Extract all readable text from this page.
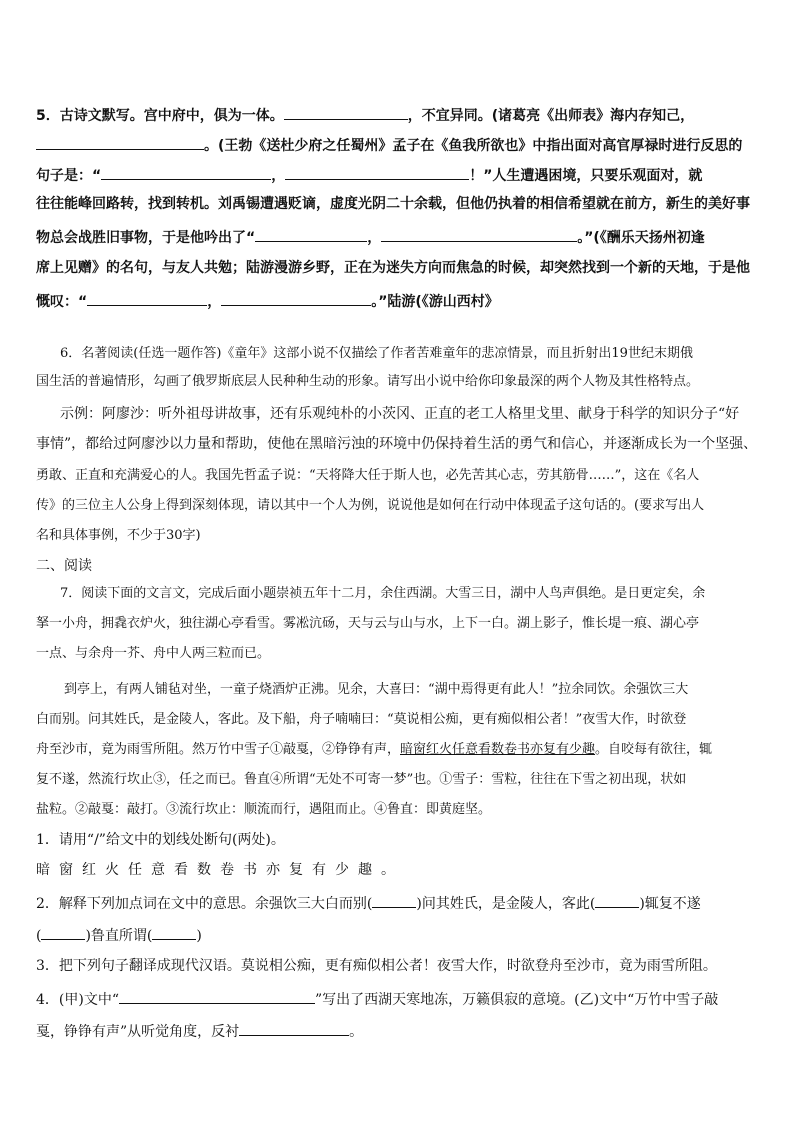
5．古诗文默写。宫中府中，俱为一体。	，不宜异同。(诸葛亮《出师表》海内存知己，
。(王勃《送杜少府之任蜀州》孟子在《鱼我所欲也》中指出面对高官厚禄时进行反思的
句子是：“	，	！”人生遭遇困境，只要乐观面对，就
往往能峰回路转，找到转机。刘禹锡遭遇贬谪，虚度光阴二十余载，但他仍执着的相信希望就在前方，新生的美好事
物总会战胜旧事物，于是他吟出了“	，	。”(《酬乐天扬州初逢
席上见赠》的名句，与友人共勉；陆游漫游乡野，正在为迷失方向而焦急的时候，却突然找到一个新的天地，于是他
慨叹：“	，	。”陆游(《游山西村》
6．名著阅读(任选一题作答)《童年》这部小说不仅描绘了作者苦难童年的悲凉情景，而且折射出19世纪末期俄
国生活的普遍情形，勾画了俄罗斯底层人民种种生动的形象。请写出小说中给你印象最深的两个人物及其性格特点。
示例：阿廖沙：听外祖母讲故事，还有乐观纯朴的小茨冈、正直的老工人格里戈里、献身于科学的知识分子“好
事情”，都给过阿廖沙以力量和帮助，使他在黑暗污浊的环境中仍保持着生活的勇气和信心，并逐渐成长为一个坚强、
勇敢、正直和充满爱心的人。我国先哲孟子说：“天将降大任于斯人也，必先苦其心志，劳其筋骨……”，这在《名人
传》的三位主人公身上得到深刻体现，请以其中一个人为例，说说他是如何在行动中体现孟子这句话的。(要求写出人
名和具体事例，不少于30字)
二、阅读
7．阅读下面的文言文，完成后面小题崇祯五年十二月，余住西湖。大雪三日，湖中人鸟声俱绝。是日更定矣，余
拏一小舟，拥毳衣炉火，独往湖心亭看雪。雾凇沆砀，天与云与山与水，上下一白。湖上影子，惟长堤一痕、湖心亭
一点、与余舟一芥、舟中人两三粒而已。
到亭上，有两人铺毡对坐，一童子烧酒炉正沸。见余，大喜曰：“湖中焉得更有此人！”拉余同饮。余强饮三大
白而别。问其姓氏，是金陵人，客此。及下船，舟子喃喃曰：“莫说相公痴，更有痴似相公者！”夜雪大作，时欲登
舟至沙市，竟为雨雪所阻。然万竹中雪子①敲戛，②铮铮有声，暗窗红火任意看数卷书亦复有少趣。自咬每有欲往，辄
复不遂，然流行坎止③，任之而已。鲁直④所谓“无处不可寄一梦”也。①雪子：雪粒，往往在下雪之初出现，状如
盐粒。②敲戛：敲打。③流行坎止：顺流而行，遇阻而止。④鲁直：即黄庭坚。
1．请用“/”给文中的划线处断句(两处)。
暗窗红火任意看数卷书亦复有少趣。
2．解释下列加点词在文中的意思。余强饮三大白而别(	)问其姓氏，是金陵人，客此(	)辄复不遂
(	)鲁直所谓(	)
3．把下列句子翻译成现代汉语。莫说相公痴，更有痴似相公者！夜雪大作，时欲登舟至沙市，竟为雨雪所阻。
4．(甲)文中“	”写出了西湖天寒地冻，万籁俱寂的意境。(乙)文中“万竹中雪子敲
戛，铮铮有声”从听觉角度，反衬	。
